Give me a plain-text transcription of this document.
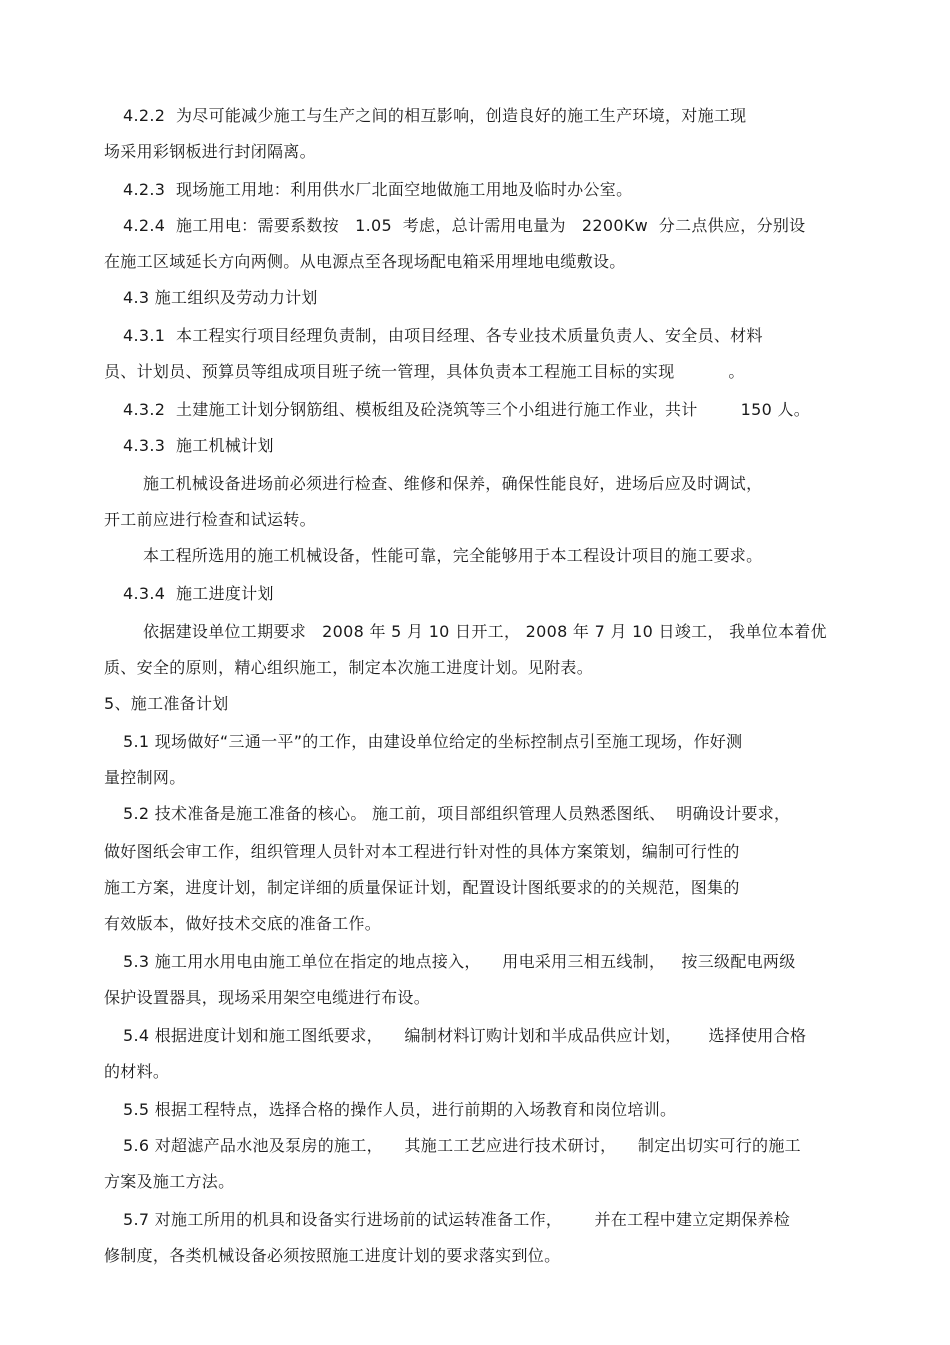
4.2.2  为尽可能减少施工与生产之间的相互影响，创造良好的施工生产环境，对施工现
场采用彩钢板进行封闭隔离。
4.2.3  现场施工用地：利用供水厂北面空地做施工用地及临时办公室。
4.2.4  施工用电：需要系数按   1.05  考虑，总计需用电量为   2200Kw  分二点供应，分别设
在施工区域延长方向两侧。从电源点至各现场配电箱采用埋地电缆敷设。
4.3 施工组织及劳动力计划
4.3.1  本工程实行项目经理负责制，由项目经理、各专业技术质量负责人、安全员、材料
员、计划员、预算员等组成项目班子统一管理，具体负责本工程施工目标的实现          。
4.3.2  土建施工计划分钢筋组、模板组及砼浇筑等三个小组进行施工作业，共计        150 人。
4.3.3  施工机械计划
施工机械设备进场前必须进行检查、维修和保养，确保性能良好，进场后应及时调试，
开工前应进行检查和试运转。
本工程所选用的施工机械设备，性能可靠，完全能够用于本工程设计项目的施工要求。
4.3.4  施工进度计划
依据建设单位工期要求   2008 年 5 月 10 日开工， 2008 年 7 月 10 日竣工， 我单位本着优
质、安全的原则，精心组织施工，制定本次施工进度计划。见附表。
5、施工准备计划
5.1 现场做好“三通一平”的工作，由建设单位给定的坐标控制点引至施工现场，作好测
量控制网。
5.2 技术准备是施工准备的核心。 施工前，项目部组织管理人员熟悉图纸、  明确设计要求，
做好图纸会审工作，组织管理人员针对本工程进行针对性的具体方案策划，编制可行性的
施工方案，进度计划，制定详细的质量保证计划，配置设计图纸要求的的关规范，图集的
有效版本，做好技术交底的准备工作。
5.3 施工用水用电由施工单位在指定的地点接入，    用电采用三相五线制，   按三级配电两级
保护设置器具，现场采用架空电缆进行布设。
5.4 根据进度计划和施工图纸要求，    编制材料订购计划和半成品供应计划，     选择使用合格
的材料。
5.5 根据工程特点，选择合格的操作人员，进行前期的入场教育和岗位培训。
5.6 对超滤产品水池及泵房的施工，    其施工工艺应进行技术研讨，    制定出切实可行的施工
方案及施工方法。
5.7 对施工所用的机具和设备实行进场前的试运转准备工作，      并在工程中建立定期保养检
修制度，各类机械设备必须按照施工进度计划的要求落实到位。
